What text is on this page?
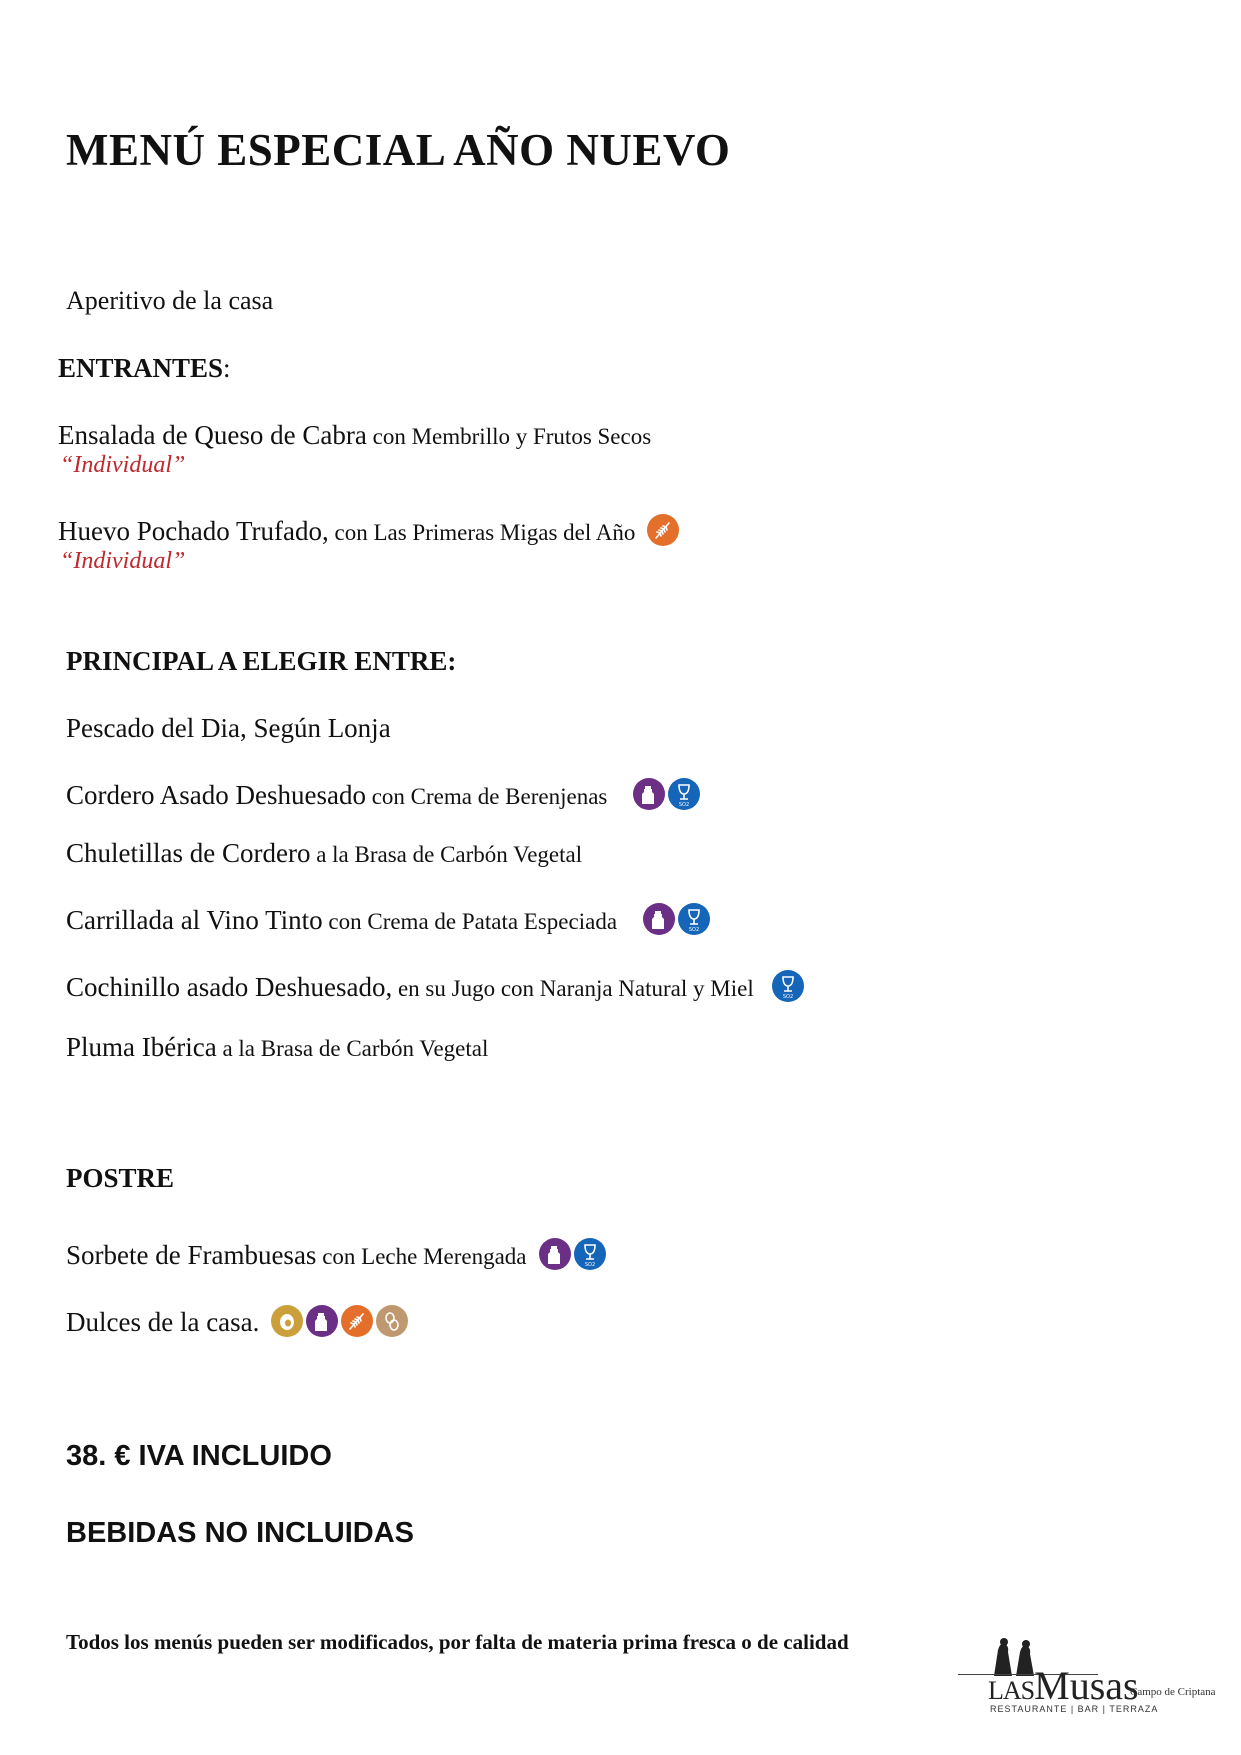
MENÚ ESPECIAL AÑO NUEVO
Aperitivo de la casa
ENTRANTES:
Ensalada de Queso de Cabra con Membrillo y Frutos Secos
“Individual”
Huevo Pochado Trufado, con Las Primeras Migas del Año
“Individual”
PRINCIPAL A ELEGIR ENTRE:
Pescado del Dia, Según Lonja
Cordero Asado Deshuesado con Crema de Berenjenas	SO2
Chuletillas de Cordero a la Brasa de Carbón Vegetal
Carrillada al Vino Tinto con Crema de Patata Especiada	SO2
Cochinillo asado Deshuesado, en su Jugo con Naranja Natural y Miel	SO2
Pluma Ibérica a la Brasa de Carbón Vegetal
POSTRE
Sorbete de Frambuesas con Leche Merengada	SO2
Dulces de la casa.
38. € IVA INCLUIDO
BEBIDAS NO INCLUIDAS
Todos los menús pueden ser modificados, por falta de materia prima fresca o de calidad
LASMusas
RESTAURANTE | BAR | TERRAZA
Campo de Criptana
